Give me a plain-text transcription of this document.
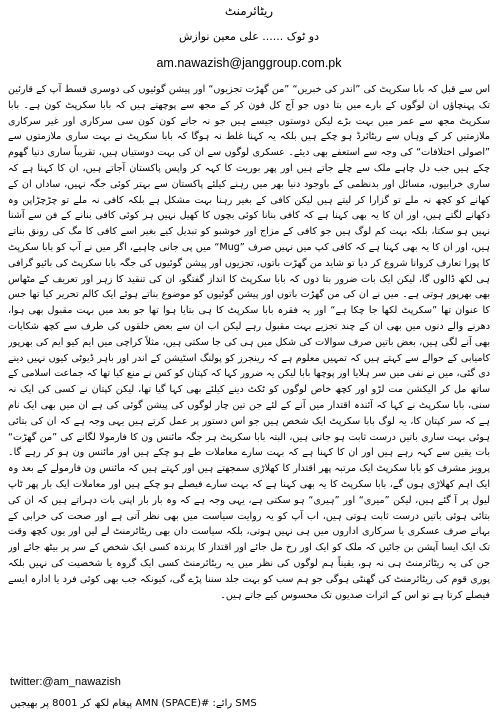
ریٹائرمنٹ
دو ٹوک ...... علی معین نوازش
am.nawazish@janggroup.com.pk
اس سے قبل کہ بابا سکرپٹ کی ”اندر کی خبریں“ ”من گھڑت تجزیوں“ اور پیشن گوئیوں کی دوسری قسط آپ کے قارئین تک پہنچاؤں ان لوگوں کے بارے میں بتا دوں جو آج کل فون کر کے مجھ سے پوچھتے ہیں کہ بابا سکرپٹ کون ہے۔ بابا سکرپٹ مجھ سے عمر میں بہت بڑے لیکن دوستوں جیسے ہیں جو نہ جانے کون کون سی سرکاری اور غیر سرکاری ملازمتیں کر کے وہاں سے ریٹائرڈ ہو چکے ہیں بلکہ یہ کہنا غلط نہ ہوگا کہ بابا سکرپٹ نے بہت ساری ملازمتوں سے ”اصولی اختلافات“ کی وجہ سے استعفے بھی دیئے۔ عسکری لوگوں سے ان کی بہت دوستیاں ہیں، تقریباً ساری دنیا گھوم چکے ہیں جب دل چاہے ملک سے چلے جاتے ہیں اور پھر بوریت کا کہہ کر واپس پاکستان آجاتے ہیں، ان کا کہنا ہے کہ ساری خرابیوں، مسائل اور بدنظمی کے باوجود دنیا بھر میں رہنے کیلئے پاکستان سے بہتر کوئی جگہ نہیں، ساداں ان کے کھانے کو کچھ نہ ملے تو گزارا کر لیتے ہیں لیکن کافی کے بغیر رہنا بہت مشکل ہے بلکہ کافی نہ ملے تو چڑچڑاپن وہ دکھانے لگتے ہیں، اور ان کا یہ بھی کہنا ہے کہ کافی بنانا کوئی بچوں کا کھیل نہیں ہر کوئی کافی بنانے کے فن سے آشنا نہیں ہو سکتا، بلکہ بہت کم لوگ ہیں جو کافی کے مزاج اور خوشبو کو تبدیل کیے بغیر اسے کافی کا مگ کی رونق بناتے ہیں، اور ان کا یہ بھی کہنا ہے کہ کافی کپ میں نہیں صرف ”Mug“ میں پی جانی چاہیے، اگر میں نے آپ کو بابا سکرپٹ کا پورا تعارف کروانا شروع کر دیا تو شاید من گھڑت باتوں، تجزیوں اور پیشن گوئیوں کی جگہ بابا سکرپٹ کی بائیو گرافی ہی لکھ ڈالوں گا، لیکن ایک بات ضرور بتا دوں کہ بابا سکرپٹ کا انداز گفتگو، ان کی تنقید کا زہر اور تعریف کے مٹھاس بھی بھرپور ہوتی ہے۔ میں نے ان کی من گھڑت باتوں اور پیشن گوئیوں کو موضوع بناتے ہوئے ایک کالم تحریر کیا تھا جس کا عنوان تھا ”سکرپٹ لکھا جا چکا ہے“ اور یہ فقرہ بابا سکرپٹ کا ہی بتایا ہوا تھا جو بعد میں بہت مقبول بھی ہوا، دھرنے والے دنوں میں بھی ان کے چند تجزیے بہت مقبول رہے لیکن اب ان سے بعض حلقوں کی طرف سے کچھ شکایات بھی آنے لگی ہیں، بعض باتیں صرف سوالات کی شکل میں ہی کی جا سکتی ہیں، مثلاً کراچی میں ایم کیو ایم کی بھرپور کامیابی کے حوالے سے کہتے ہیں کہ تمہیں معلوم ہے کہ رینجرز کو پولنگ اسٹیشن کے اندر اور باہر ڈیوٹی کیوں نہیں دینے دی گئی، میں نے نفی میں سر ہلایا اور پوچھا بابا لیکن یہ ضرور کہا کہ کپتان کو کس نے منع کیا تھا کہ جماعت اسلامی کے ساتھ مل کر الیکشن مت لڑو اور کچھ خاص لوگوں کو ٹکٹ دینے کیلئے بھی کہا گیا تھا، لیکن کپتان نے کسی کی ایک نہ سنی، بابا سکرپٹ نے کہا کہ آئندہ اقتدار میں آنے کے لئے جن تین چار لوگوں کی پیشن گوئی کی ہے ان میں بھی ایک نام ہے کہ سر کپتان کا، یہ لوگ بابا سکرپٹ ایک شخص ہیں جو اس دستور پر عمل کرتے ہیں یہی وجہ ہے کہ ان کی بتائی ہوئی بہت ساری باتیں درست ثابت ہو جاتی ہیں، البتہ بابا سکرپٹ ہر جگہ مائنس ون کا فارمولا لگانے کی ”من گھڑت“ بات یقین سے کہہ رہے ہیں اور ان کا کہنا ہے کہ بہت سارے معاملات طے ہو چکے ہیں اور مائنس ون ہو کر رہے گا۔ پرویز مشرف کو بابا سکرپٹ ایک مرتبہ پھر اقتدار کا کھلاڑی سمجھتے ہیں اور کہتے ہیں کہ مائنس ون فارمولے کے بعد وہ ایک اہم کھلاڑی ہوں گے، بابا سکرپٹ کا یہ بھی کہنا ہے کہ بہت سارے فیصلے ہو چکے ہیں اور معاملات ایک بار پھر ٹاپ لیول پر آ گئے ہیں، لیکن ”میری“ اور ”ہیری“ ہو سکتی ہے، یہی وجہ ہے کہ وہ بار بار اپنی بات دہراتے ہیں کہ ان کی بتائی ہوئی باتیں درست ثابت ہوتی ہیں، اب آپ کو یہ روایت سیاست میں بھی نظر آتی ہے اور صحت کی خرابی کے بہانے صرف عسکری یا سرکاری اداروں میں ہی نہیں ہوتی، بلکہ سیاست دان بھی ریٹائرمنٹ لے لیں اور یوں کچھ وقت تک ایک ایسا آپشن بن جائیں کہ ملک کو ایک اور رخ مل جائے اور اقتدار کا پرندہ کسی ایک شخص کے سر پر بیٹھ جائے اور جن کی یہ ریٹائرمنٹ ہی نہ ہو، یقیناً ہم لوگوں کی نظر میں یہ ریٹائرمنٹ کسی ایک گروہ یا شخصیت کی نہیں بلکہ پوری قوم کی ریٹائرمنٹ کی گھنٹی ہوگی جو ہم سب کو بہت جلد سننا پڑے گی، کیونکہ جب بھی کوئی فرد یا ادارہ ایسے فیصلے کرتا ہے تو اس کے اثرات صدیوں تک محسوس کیے جاتے ہیں۔
twitter:@am_nawazish
SMS رائے: #AMN (SPACE) پیغام لکھ کر 8001 پر بھیجیں
